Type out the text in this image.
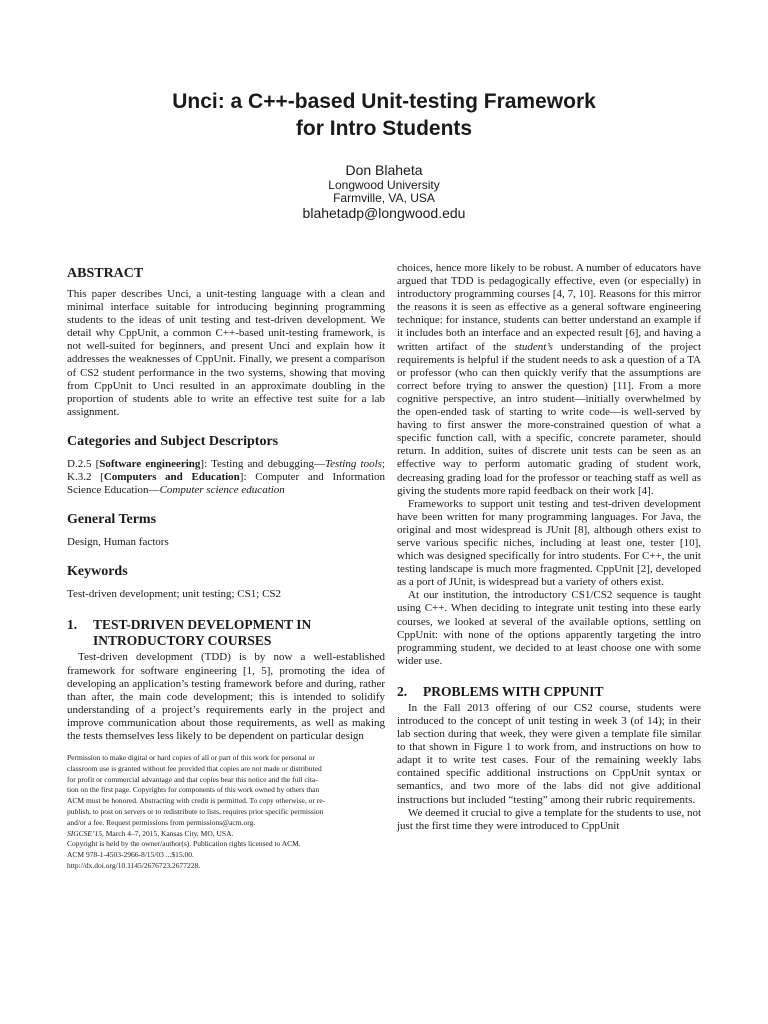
Unci: a C++-based Unit-testing Framework
for Intro Students
Don Blaheta
Longwood University
Farmville, VA, USA
blahetadp@longwood.edu
ABSTRACT

This paper describes Unci, a unit-testing language with a clean and minimal interface suitable for introducing beginning programming students to the ideas of unit testing and test-driven development. We detail why CppUnit, a common C++-based unit-testing framework, is not well-suited for beginners, and present Unci and explain how it addresses the weaknesses of CppUnit. Finally, we present a comparison of CS2 student performance in the two systems, showing that moving from CppUnit to Unci resulted in an approximate doubling in the proportion of students able to write an effective test suite for a lab assignment.

Categories and Subject Descriptors

D.2.5 [Software engineering]: Testing and debugging—Testing tools; K.3.2 [Computers and Education]: Computer and Information Science Education—Computer science education

General Terms

Design, Human factors

Keywords

Test-driven development; unit testing; CS1; CS2

1.	TEST-DRIVEN DEVELOPMENT IN
INTRODUCTORY COURSES

Test-driven development (TDD) is by now a well-established framework for software engineering [1, 5], promoting the idea of developing an application’s testing framework before and during, rather than after, the main code development; this is intended to solidify understanding of a project’s requirements early in the project and improve communication about those requirements, as well as making the tests themselves less likely to be dependent on particular design

Permission to make digital or hard copies of all or part of this work for personal or
classroom use is granted without fee provided that copies are not made or distributed
for profit or commercial advantage and that copies bear this notice and the full cita-
tion on the first page. Copyrights for components of this work owned by others than
ACM must be honored. Abstracting with credit is permitted. To copy otherwise, or re-
publish, to post on servers or to redistribute to lists, requires prior specific permission
and/or a fee. Request permissions from permissions@acm.org.
SIGCSE’15, March 4–7, 2015, Kansas City, MO, USA.
Copyright is held by the owner/author(s). Publication rights licensed to ACM.
ACM 978-1-4503-2966-8/15/03 ...$15.00.
http://dx.doi.org/10.1145/2676723.2677228.

choices, hence more likely to be robust. A number of educators have argued that TDD is pedagogically effective, even (or especially) in introductory programming courses [4, 7, 10]. Reasons for this mirror the reasons it is seen as effective as a general software engineering technique: for instance, students can better understand an example if it includes both an interface and an expected result [6], and having a written artifact of the student’s understanding of the project requirements is helpful if the student needs to ask a question of a TA or professor (who can then quickly verify that the assumptions are correct before trying to answer the question) [11]. From a more cognitive perspective, an intro student—initially overwhelmed by the open-ended task of starting to write code—is well-served by having to first answer the more-constrained question of what a specific function call, with a specific, concrete parameter, should return. In addition, suites of discrete unit tests can be seen as an effective way to perform automatic grading of student work, decreasing grading load for the professor or teaching staff as well as giving the students more rapid feedback on their work [4].

Frameworks to support unit testing and test-driven development have been written for many programming languages. For Java, the original and most widespread is JUnit [8], although others exist to serve various specific niches, including at least one, tester [10], which was designed specifically for intro students. For C++, the unit testing landscape is much more fragmented. CppUnit [2], developed as a port of JUnit, is widespread but a variety of others exist.

At our institution, the introductory CS1/CS2 sequence is taught using C++. When deciding to integrate unit testing into these early courses, we looked at several of the available options, settling on CppUnit: with none of the options apparently targeting the intro programming student, we decided to at least choose one with some wider use.

2.	PROBLEMS WITH CPPUNIT

In the Fall 2013 offering of our CS2 course, students were introduced to the concept of unit testing in week 3 (of 14); in their lab section during that week, they were given a template file similar to that shown in Figure 1 to work from, and instructions on how to adapt it to write test cases. Four of the remaining weekly labs contained specific additional instructions on CppUnit syntax or semantics, and two more of the labs did not give additional instructions but included “testing” among their rubric requirements.

We deemed it crucial to give a template for the students to use, not just the first time they were introduced to CppUnit
